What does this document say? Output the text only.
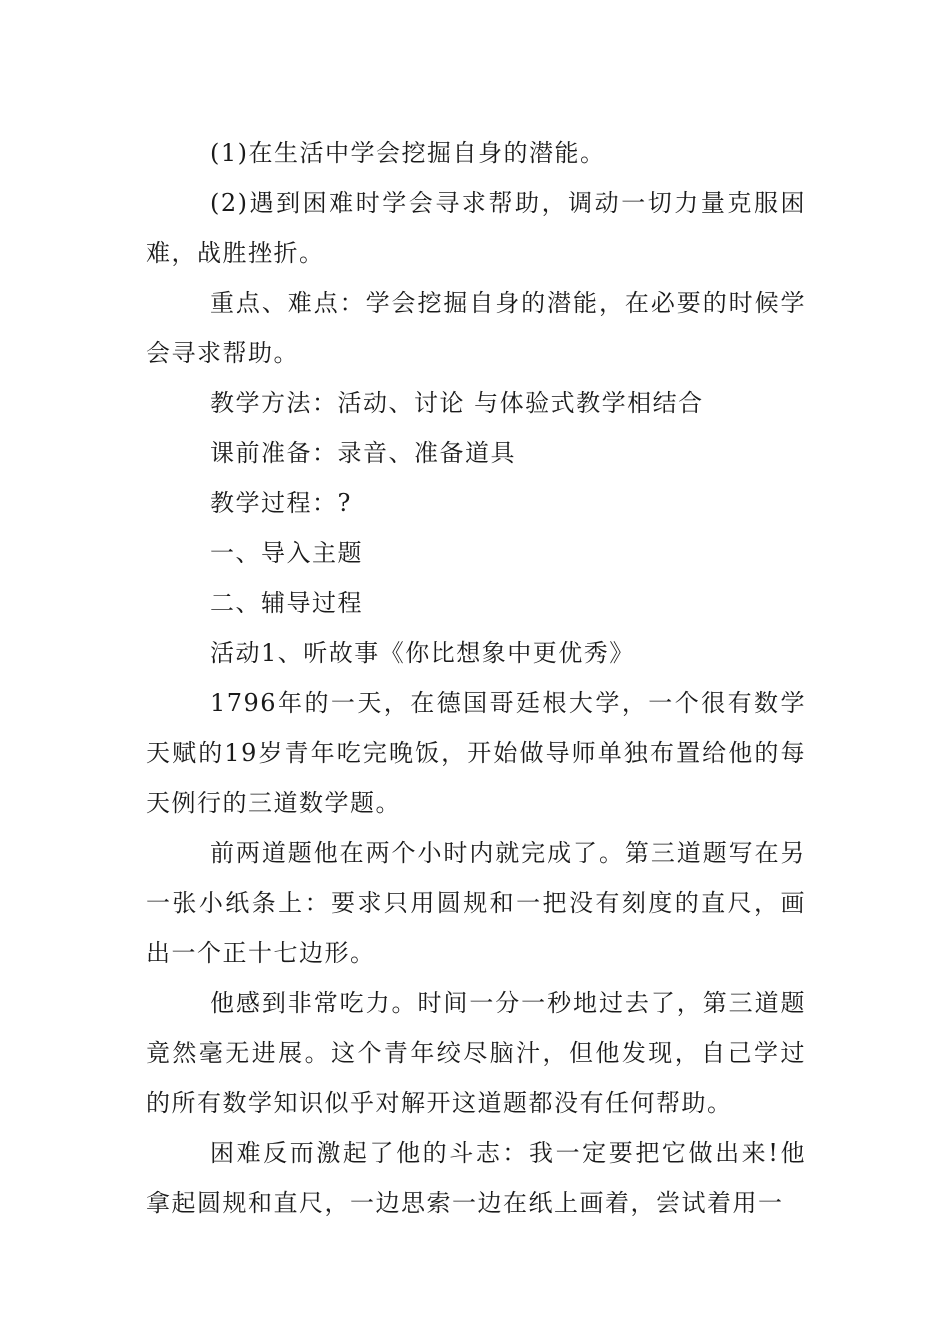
(1)在生活中学会挖掘自身的潜能。

(2)遇到困难时学会寻求帮助，调动一切力量克服困难，战胜挫折。

重点、难点：学会挖掘自身的潜能，在必要的时候学会寻求帮助。

教学方法：活动、讨论 与体验式教学相结合

课前准备：录音、准备道具

教学过程：?

一、导入主题

二、辅导过程

活动1、听故事《你比想象中更优秀》

1796年的一天，在德国哥廷根大学，一个很有数学天赋的19岁青年吃完晚饭，开始做导师单独布置给他的每天例行的三道数学题。

前两道题他在两个小时内就完成了。第三道题写在另一张小纸条上：要求只用圆规和一把没有刻度的直尺，画出一个正十七边形。

他感到非常吃力。时间一分一秒地过去了，第三道题竟然毫无进展。这个青年绞尽脑汁，但他发现，自己学过的所有数学知识似乎对解开这道题都没有任何帮助。

困难反而激起了他的斗志：我一定要把它做出来!他拿起圆规和直尺，一边思索一边在纸上画着，尝试着用一
